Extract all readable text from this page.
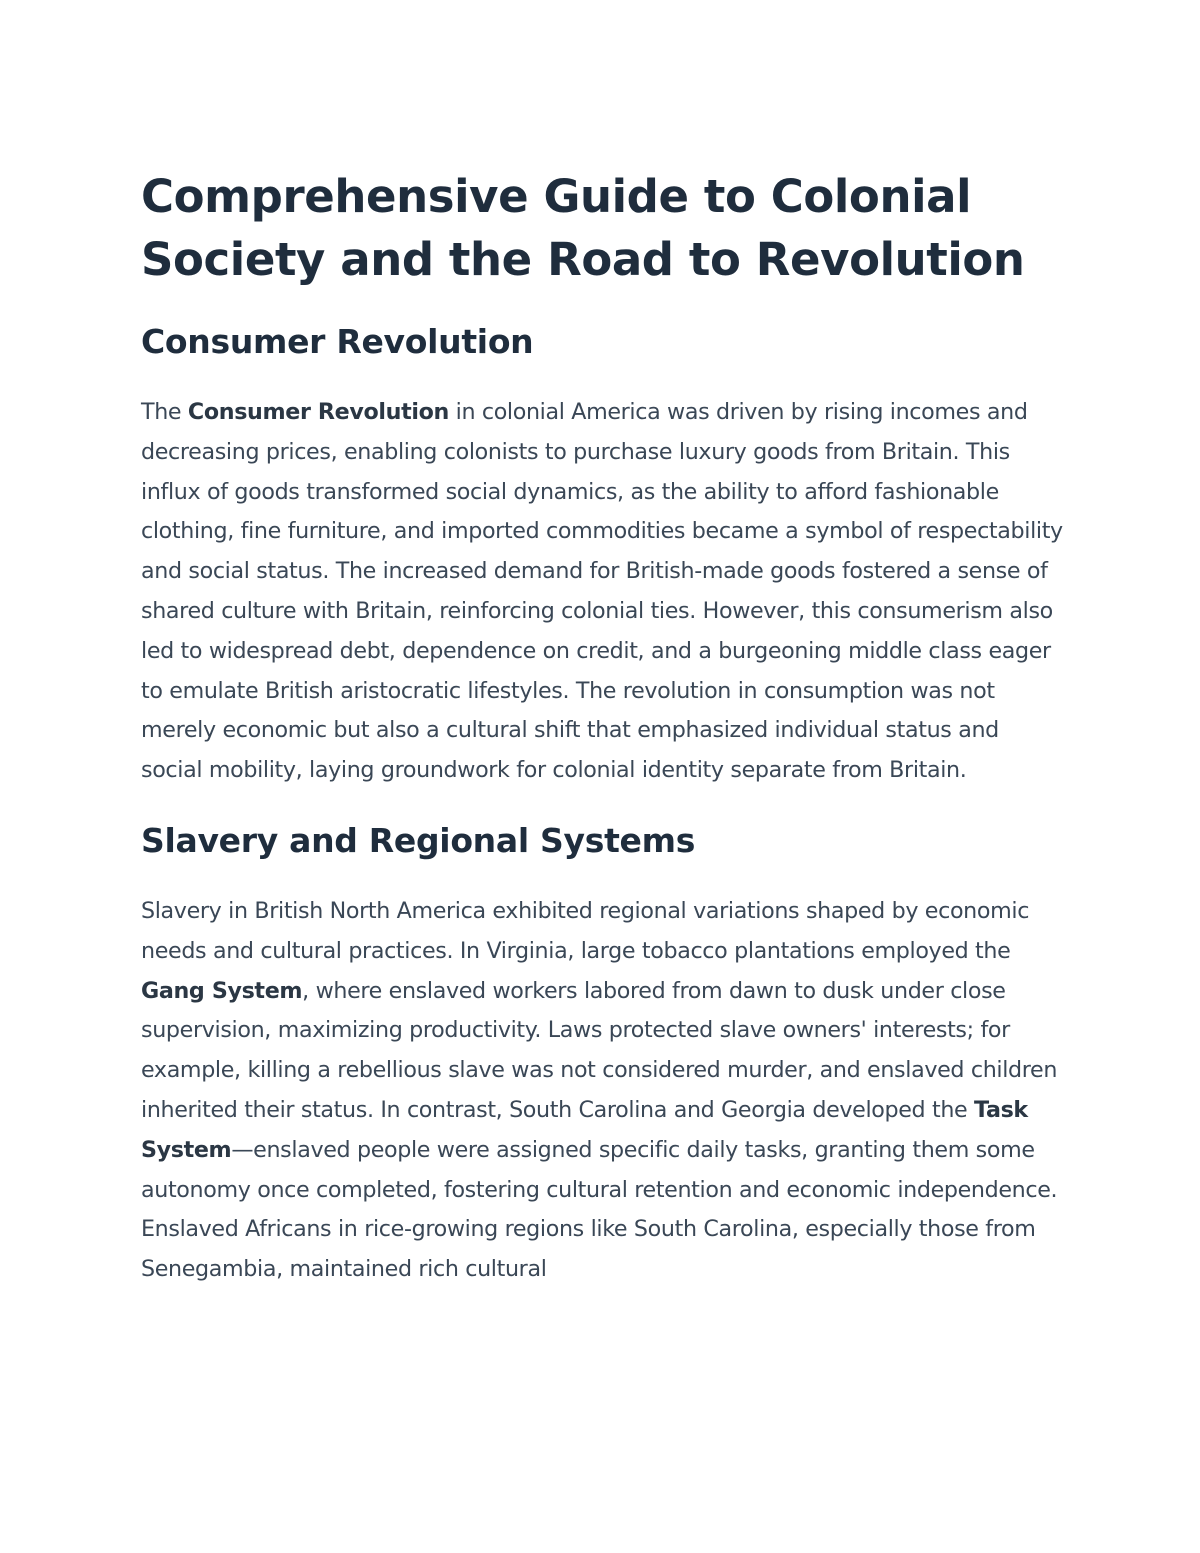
Comprehensive Guide to Colonial Society and the Road to Revolution
Consumer Revolution

The Consumer Revolution in colonial America was driven by rising incomes and decreasing prices, enabling colonists to purchase luxury goods from Britain. This influx of goods transformed social dynamics, as the ability to afford fashionable clothing, fine furniture, and imported commodities became a symbol of respectability and social status. The increased demand for British-made goods fostered a sense of shared culture with Britain, reinforcing colonial ties. However, this consumerism also led to widespread debt, dependence on credit, and a burgeoning middle class eager to emulate British aristocratic lifestyles. The revolution in consumption was not merely economic but also a cultural shift that emphasized individual status and social mobility, laying groundwork for colonial identity separate from Britain.

Slavery and Regional Systems

Slavery in British North America exhibited regional variations shaped by economic needs and cultural practices. In Virginia, large tobacco plantations employed the Gang System, where enslaved workers labored from dawn to dusk under close supervision, maximizing productivity. Laws protected slave owners' interests; for example, killing a rebellious slave was not considered murder, and enslaved children inherited their status. In contrast, South Carolina and Georgia developed the Task System—enslaved people were assigned specific daily tasks, granting them some autonomy once completed, fostering cultural retention and economic independence. Enslaved Africans in rice-growing regions like South Carolina, especially those from Senegambia, maintained rich cultural
